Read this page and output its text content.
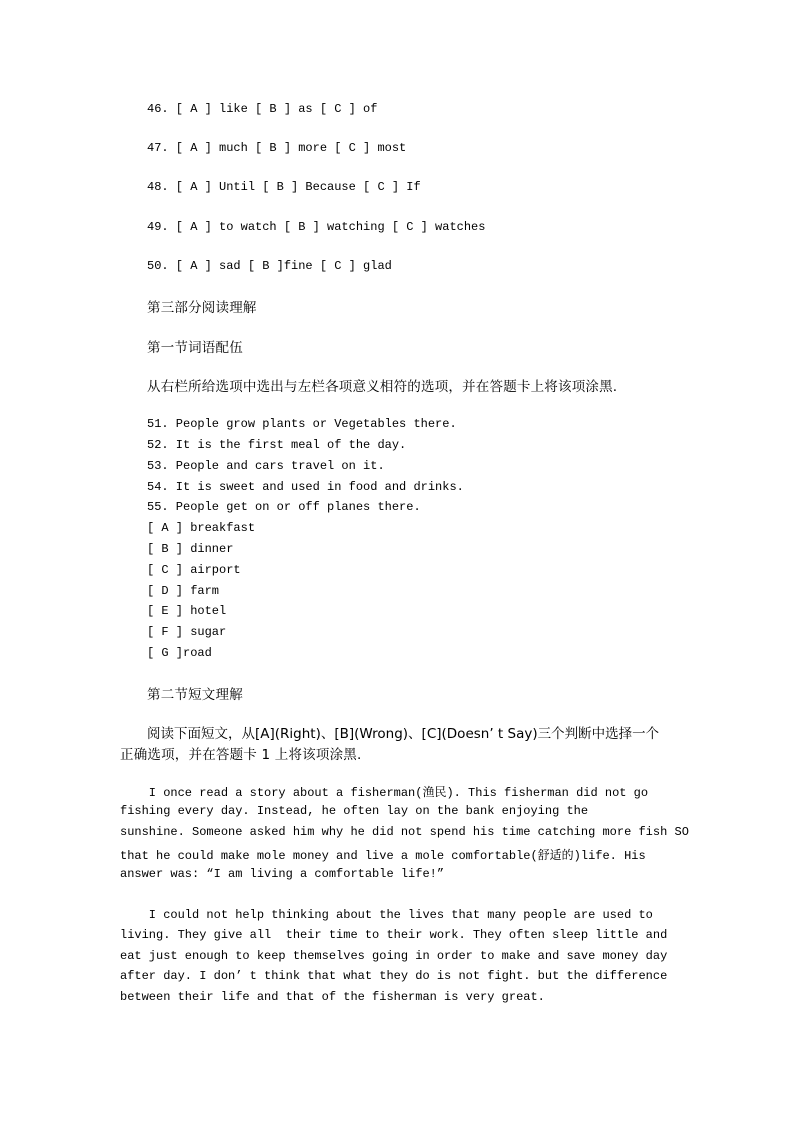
46. [ A ] like [ B ] as [ C ] of
47. [ A ] much [ B ] more [ C ] most
48. [ A ] Until [ B ] Because [ C ] If
49. [ A ] to watch [ B ] watching [ C ] watches
50. [ A ] sad [ B ]fine [ C ] glad
第三部分阅读理解
第一节词语配伍
从右栏所给选项中选出与左栏各项意义相符的选项，并在答题卡上将该项涂黑.
51. People grow plants or Vegetables there.
52. It is the first meal of the day.
53. People and cars travel on it.
54. It is sweet and used in food and drinks.
55. People get on or off planes there.
[ A ] breakfast
[ B ] dinner
[ C ] airport
[ D ] farm
[ E ] hotel
[ F ] sugar
[ G ]road
第二节短文理解
阅读下面短文，从[A](Right)、[B](Wrong)、[C](Doesn’ t Say)三个判断中选择一个
正确选项，并在答题卡 1 上将该项涂黑.
I once read a story about a fisherman(渔民). This fisherman did not go
fishing every day. Instead, he often lay on the bank enjoying the
sunshine. Someone asked him why he did not spend his time catching more fish SO
that he could make mole money and live a mole comfortable(舒适的)life. His
answer was: “I am living a comfortable life!”
I could not help thinking about the lives that many people are used to
living. They give all  their time to their work. They often sleep little and
eat just enough to keep themselves going in order to make and save money day
after day. I don’ t think that what they do is not fight. but the difference
between their life and that of the fisherman is very great.
